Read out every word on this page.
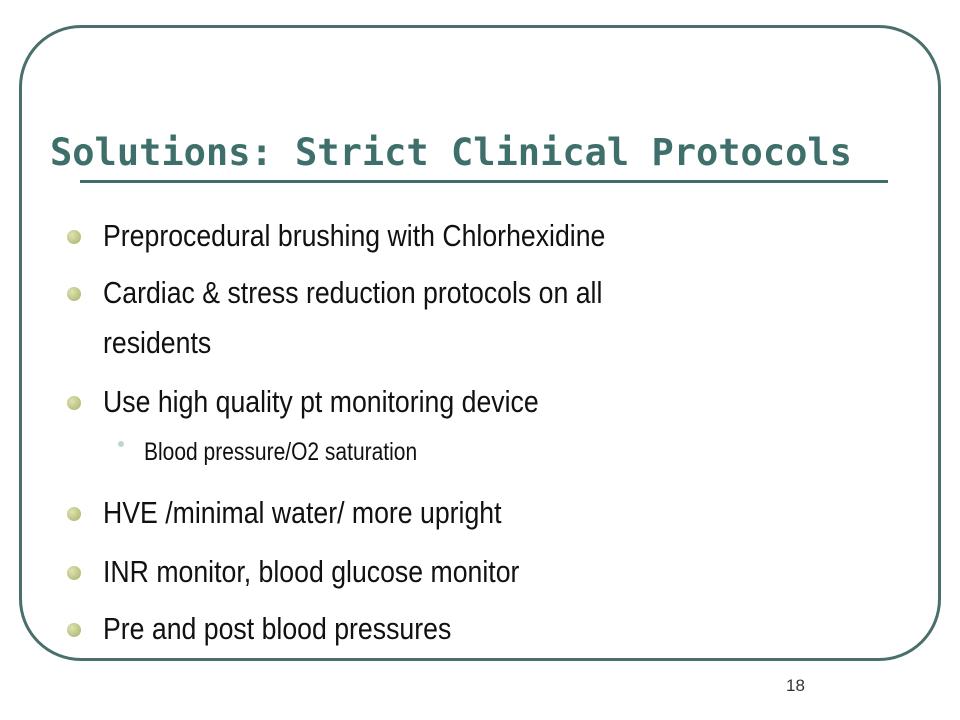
Solutions: Strict Clinical Protocols
Preprocedural brushing with Chlorhexidine
Cardiac & stress reduction protocols on all
residents
Use high quality pt monitoring device
Blood pressure/O2 saturation
HVE /minimal water/ more upright
INR monitor, blood glucose monitor
Pre and post blood pressures
18
